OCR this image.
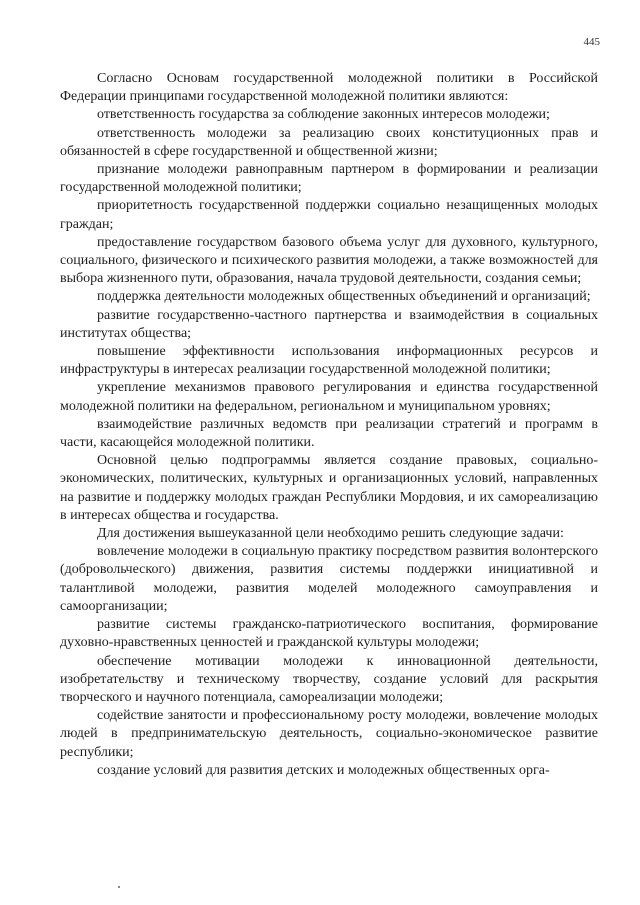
445

Согласно Основам государственной молодежной политики в Российской Федерации принципами государственной молодежной политики являются:

ответственность государства за соблюдение законных интересов молодежи;

ответственность молодежи за реализацию своих конституционных прав и обязанностей в сфере государственной и общественной жизни;

признание молодежи равноправным партнером в формировании и реализации государственной молодежной политики;

приоритетность государственной поддержки социально незащищенных молодых граждан;

предоставление государством базового объема услуг для духовного, культурного, социального, физического и психического развития молодежи, а также возможностей для выбора жизненного пути, образования, начала трудовой деятельности, создания семьи;

поддержка деятельности молодежных общественных объединений и организаций;

развитие государственно-частного партнерства и взаимодействия в социальных институтах общества;

повышение эффективности использования информационных ресурсов и инфраструктуры в интересах реализации государственной молодежной политики;

укрепление механизмов правового регулирования и единства государственной молодежной политики на федеральном, региональном и муниципальном уровнях;

взаимодействие различных ведомств при реализации стратегий и программ в части, касающейся молодежной политики.

Основной целью подпрограммы является создание правовых, социально-экономических, политических, культурных и организационных условий, направленных на развитие и поддержку молодых граждан Республики Мордовия, и их самореализацию в интересах общества и государства.

Для достижения вышеуказанной цели необходимо решить следующие задачи:

вовлечение молодежи в социальную практику посредством развития волонтерского (добровольческого) движения, развития системы поддержки инициативной и талантливой молодежи, развития моделей молодежного самоуправления и самоорганизации;

развитие системы гражданско-патриотического воспитания, формирование духовно-нравственных ценностей и гражданской культуры молодежи;

обеспечение мотивации молодежи к инновационной деятельности, изобретательству и техническому творчеству, создание условий для раскрытия творческого и научного потенциала, самореализации молодежи;

содействие занятости и профессиональному росту молодежи, вовлечение молодых людей в предпринимательскую деятельность, социально-экономическое развитие республики;

создание условий для развития детских и молодежных общественных орга-
